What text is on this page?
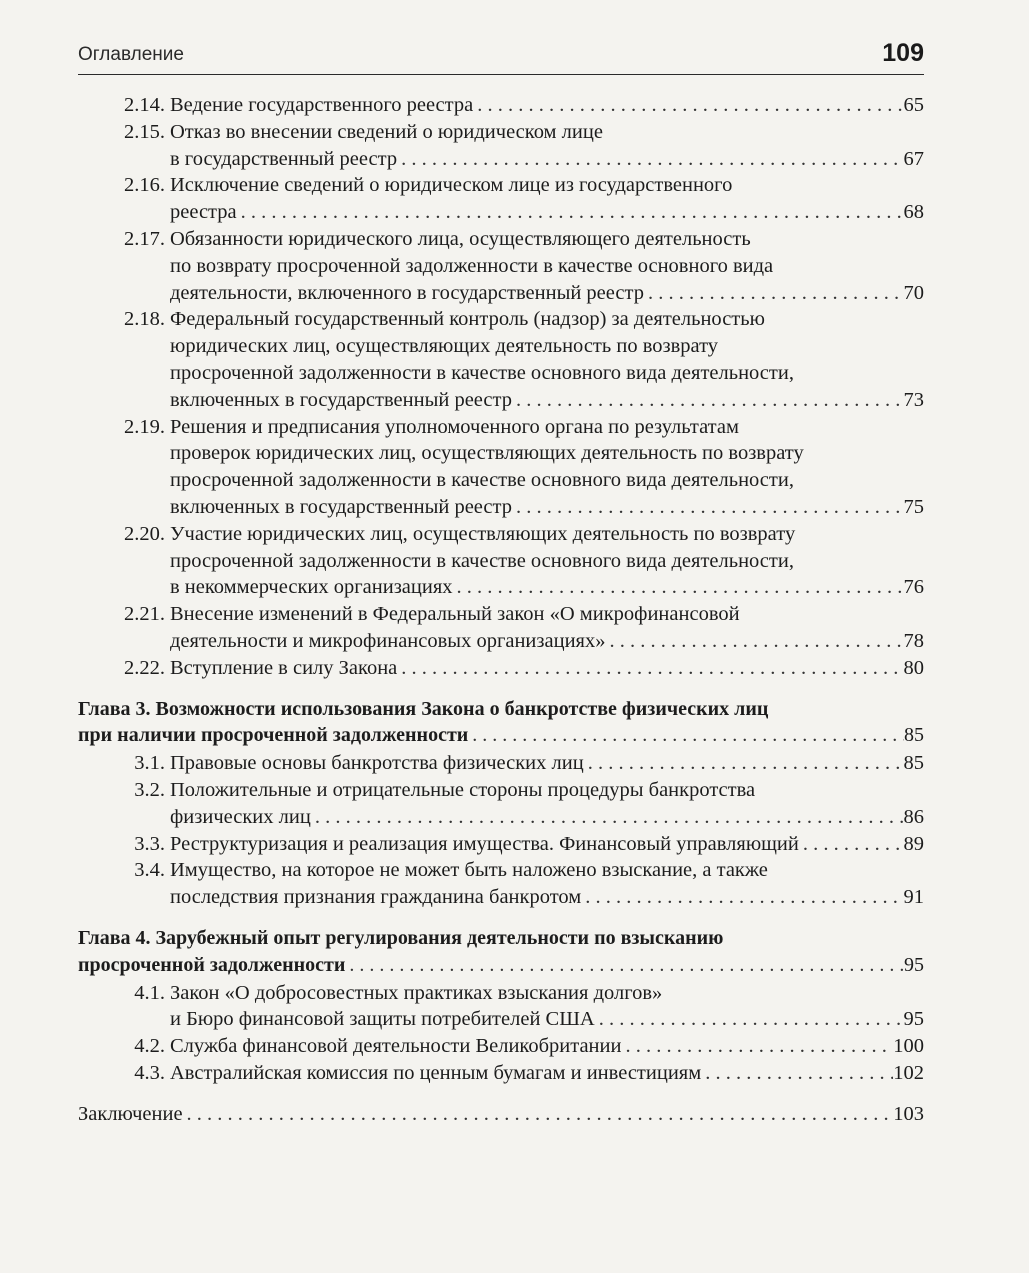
Оглавление	109
2.14. Ведение государственного реестра . . .	65
2.15. Отказ во внесении сведений о юридическом лице
в государственный реестр . . .	67
2.16. Исключение сведений о юридическом лице из государственного
реестра . . .	68
2.17. Обязанности юридического лица, осуществляющего деятельность
по возврату просроченной задолженности в качестве основного вида
деятельности, включенного в государственный реестр . . .	70
2.18. Федеральный государственный контроль (надзор) за деятельностью
юридических лиц, осуществляющих деятельность по возврату
просроченной задолженности в качестве основного вида деятельности,
включенных в государственный реестр . . .	73
2.19. Решения и предписания уполномоченного органа по результатам
проверок юридических лиц, осуществляющих деятельность по возврату
просроченной задолженности в качестве основного вида деятельности,
включенных в государственный реестр . . .	75
2.20. Участие юридических лиц, осуществляющих деятельность по возврату
просроченной задолженности в качестве основного вида деятельности,
в некоммерческих организациях . . .	76
2.21. Внесение изменений в Федеральный закон «О микрофинансовой
деятельности и микрофинансовых организациях» . . .	78
2.22. Вступление в силу Закона . . .	80
Глава 3. Возможности использования Закона о банкротстве физических лиц
при наличии просроченной задолженности . . .	85
3.1. Правовые основы банкротства физических лиц . . .	85
3.2. Положительные и отрицательные стороны процедуры банкротства
физических лиц . . .	86
3.3. Реструктуризация и реализация имущества. Финансовый управляющий . . .	89
3.4. Имущество, на которое не может быть наложено взыскание, а также
последствия признания гражданина банкротом . . .	91
Глава 4. Зарубежный опыт регулирования деятельности по взысканию
просроченной задолженности . . .	95
4.1. Закон «О добросовестных практиках взыскания долгов»
и Бюро финансовой защиты потребителей США . . .	95
4.2. Служба финансовой деятельности Великобритании . . .	100
4.3. Австралийская комиссия по ценным бумагам и инвестициям . . .	102
Заключение . . .	103
